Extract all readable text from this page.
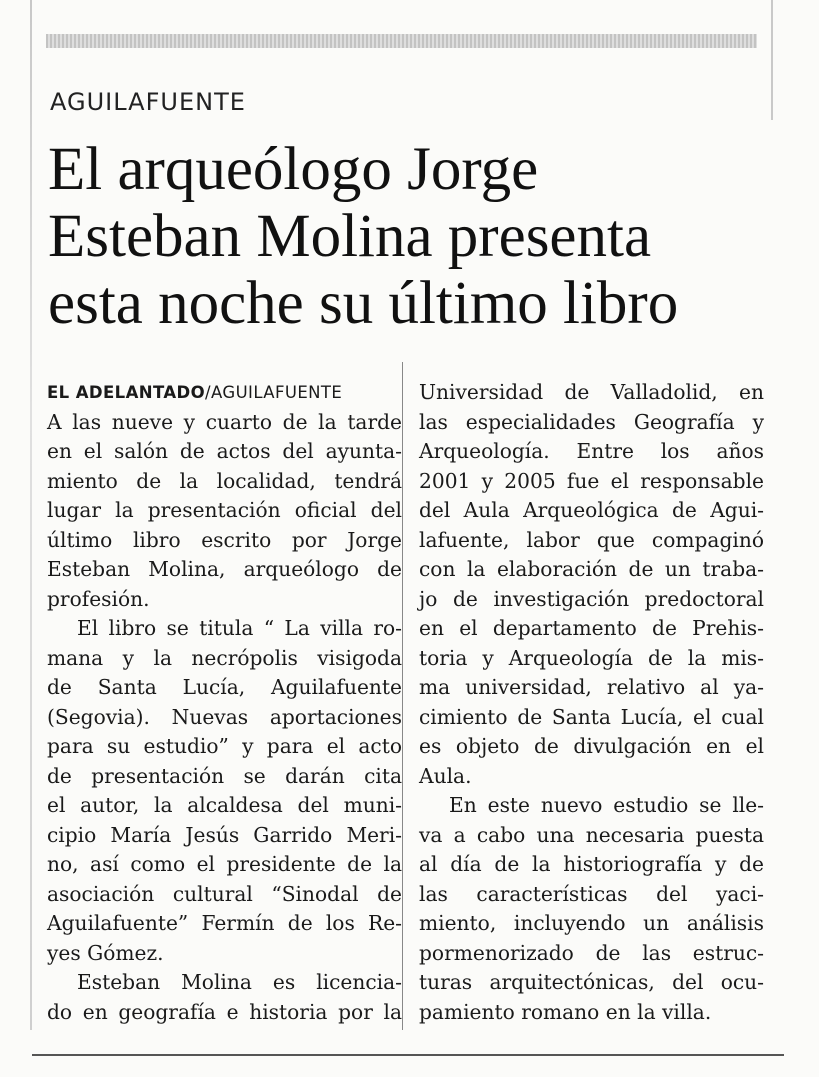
AGUILAFUENTE
El arqueólogo Jorge
Esteban Molina presenta
esta noche su último libro
EL ADELANTADO/AGUILAFUENTE
A las nueve y cuarto de la tarde
en el salón de actos del ayunta-
miento de la localidad, tendrá
lugar la presentación oficial del
último libro escrito por Jorge
Esteban Molina, arqueólogo de
profesión.
El libro se titula “ La villa ro-
mana y la necrópolis visigoda
de Santa Lucía, Aguilafuente
(Segovia). Nuevas aportaciones
para su estudio” y para el acto
de presentación se darán cita
el autor, la alcaldesa del muni-
cipio María Jesús Garrido Meri-
no, así como el presidente de la
asociación cultural “Sinodal de
Aguilafuente” Fermín de los Re-
yes Gómez.
Esteban Molina es licencia-
do en geografía e historia por la
Universidad de Valladolid, en
las especialidades Geografía y
Arqueología. Entre los años
2001 y 2005 fue el responsable
del Aula Arqueológica de Agui-
lafuente, labor que compaginó
con la elaboración de un traba-
jo de investigación predoctoral
en el departamento de Prehis-
toria y Arqueología de la mis-
ma universidad, relativo al ya-
cimiento de Santa Lucía, el cual
es objeto de divulgación en el
Aula.
En este nuevo estudio se lle-
va a cabo una necesaria puesta
al día de la historiografía y de
las características del yaci-
miento, incluyendo un análisis
pormenorizado de las estruc-
turas arquitectónicas, del ocu-
pamiento romano en la villa.
